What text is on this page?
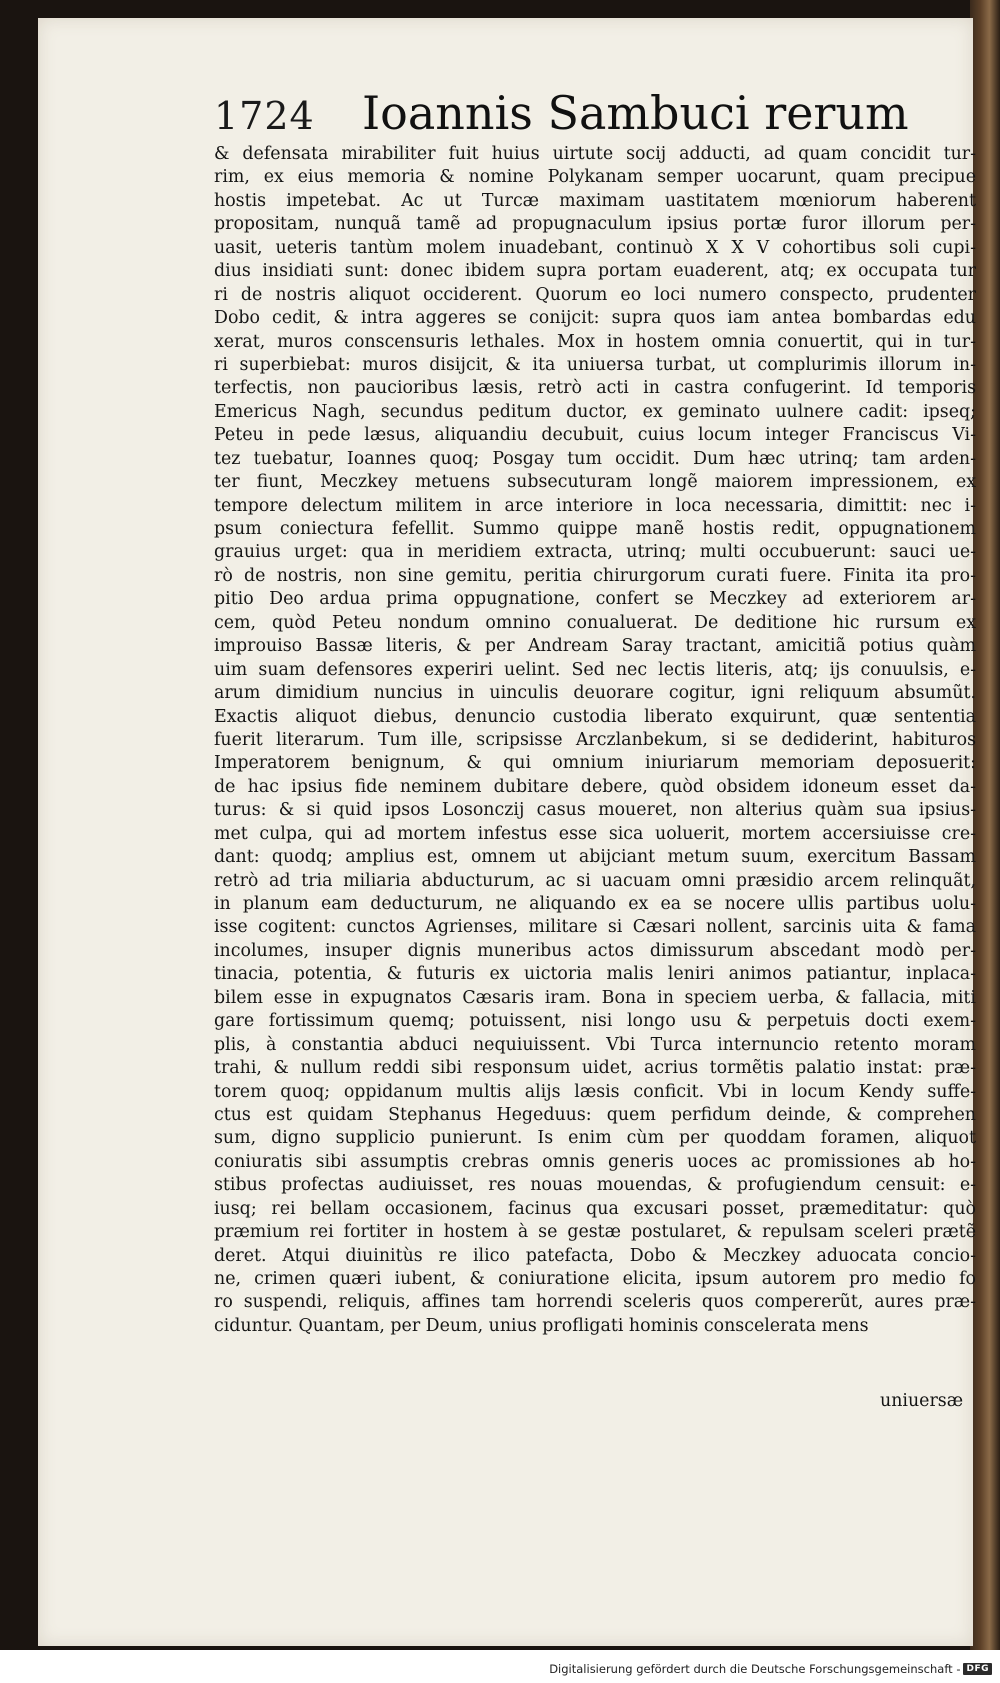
1724 Ioannis Sambuci rerum
& defensata mirabiliter fuit huius uirtute socij adducti, ad quam concidit tur-
rim, ex eius memoria & nomine Polykanam semper uocarunt, quam precipue
hostis impetebat. Ac ut Turcæ maximam uastitatem mœniorum haberent
propositam, nunquã tamẽ ad propugnaculum ipsius portæ furor illorum per-
uasit, ueteris tantùm molem inuadebant, continuò X X V cohortibus soli cupi-
dius insidiati sunt: donec ibidem supra portam euaderent, atq; ex occupata tur
ri de nostris aliquot occiderent. Quorum eo loci numero conspecto, prudenter
Dobo cedit, & intra aggeres se conijcit: supra quos iam antea bombardas edu
xerat, muros conscensuris lethales. Mox in hostem omnia conuertit, qui in tur-
ri superbiebat: muros disijcit, & ita uniuersa turbat, ut complurimis illorum in-
terfectis, non paucioribus læsis, retrò acti in castra confugerint. Id temporis
Emericus Nagh, secundus peditum ductor, ex geminato uulnere cadit: ipseq;
Peteu in pede læsus, aliquandiu decubuit, cuius locum integer Franciscus Vi-
tez tuebatur, Ioannes quoq; Posgay tum occidit. Dum hæc utrinq; tam arden-
ter fiunt, Meczkey metuens subsecuturam longẽ maiorem impressionem, ex
tempore delectum militem in arce interiore in loca necessaria, dimittit: nec i-
psum coniectura fefellit. Summo quippe manẽ hostis redit, oppugnationem
grauius urget: qua in meridiem extracta, utrinq; multi occubuerunt: sauci ue-
rò de nostris, non sine gemitu, peritia chirurgorum curati fuere. Finita ita pro-
pitio Deo ardua prima oppugnatione, confert se Meczkey ad exteriorem ar-
cem, quòd Peteu nondum omnino conualuerat. De deditione hic rursum ex
improuiso Bassæ literis, & per Andream Saray tractant, amicitiã potius quàm
uim suam defensores experiri uelint. Sed nec lectis literis, atq; ijs conuulsis, e-
arum dimidium nuncius in uinculis deuorare cogitur, igni reliquum absumũt.
Exactis aliquot diebus, denuncio custodia liberato exquirunt, quæ sententia
fuerit literarum. Tum ille, scripsisse Arczlanbekum, si se dediderint, habituros
Imperatorem benignum, & qui omnium iniuriarum memoriam deposuerit:
de hac ipsius fide neminem dubitare debere, quòd obsidem idoneum esset da-
turus: & si quid ipsos Losonczij casus moueret, non alterius quàm sua ipsius-
met culpa, qui ad mortem infestus esse sica uoluerit, mortem accersiuisse cre-
dant: quodq; amplius est, omnem ut abijciant metum suum, exercitum Bassam
retrò ad tria miliaria abducturum, ac si uacuam omni præsidio arcem relinquãt,
in planum eam deducturum, ne aliquando ex ea se nocere ullis partibus uolu-
isse cogitent: cunctos Agrienses, militare si Cæsari nollent, sarcinis uita & fama
incolumes, insuper dignis muneribus actos dimissurum abscedant modò per-
tinacia, potentia, & futuris ex uictoria malis leniri animos patiantur, inplaca-
bilem esse in expugnatos Cæsaris iram. Bona in speciem uerba, & fallacia, miti
gare fortissimum quemq; potuissent, nisi longo usu & perpetuis docti exem-
plis, à constantia abduci nequiuissent. Vbi Turca internuncio retento moram
trahi, & nullum reddi sibi responsum uidet, acrius tormẽtis palatio instat: præ-
torem quoq; oppidanum multis alijs læsis conficit. Vbi in locum Kendy suffe-
ctus est quidam Stephanus Hegeduus: quem perfidum deinde, & comprehen
sum, digno supplicio punierunt. Is enim cùm per quoddam foramen, aliquot
coniuratis sibi assumptis crebras omnis generis uoces ac promissiones ab ho-
stibus profectas audiuisset, res nouas mouendas, & profugiendum censuit: e-
iusq; rei bellam occasionem, facinus qua excusari posset, præmeditatur: quò
præmium rei fortiter in hostem à se gestæ postularet, & repulsam sceleri prætẽ
deret. Atqui diuinitùs re ilico patefacta, Dobo & Meczkey aduocata concio-
ne, crimen quæri iubent, & coniuratione elicita, ipsum autorem pro medio fo
ro suspendi, reliquis, affines tam horrendi sceleris quos compererũt, aures præ-
ciduntur. Quantam, per Deum, unius profligati hominis conscelerata mens
uniuersæ
Digitalisierung gefördert durch die Deutsche Forschungsgemeinschaft - DFG
